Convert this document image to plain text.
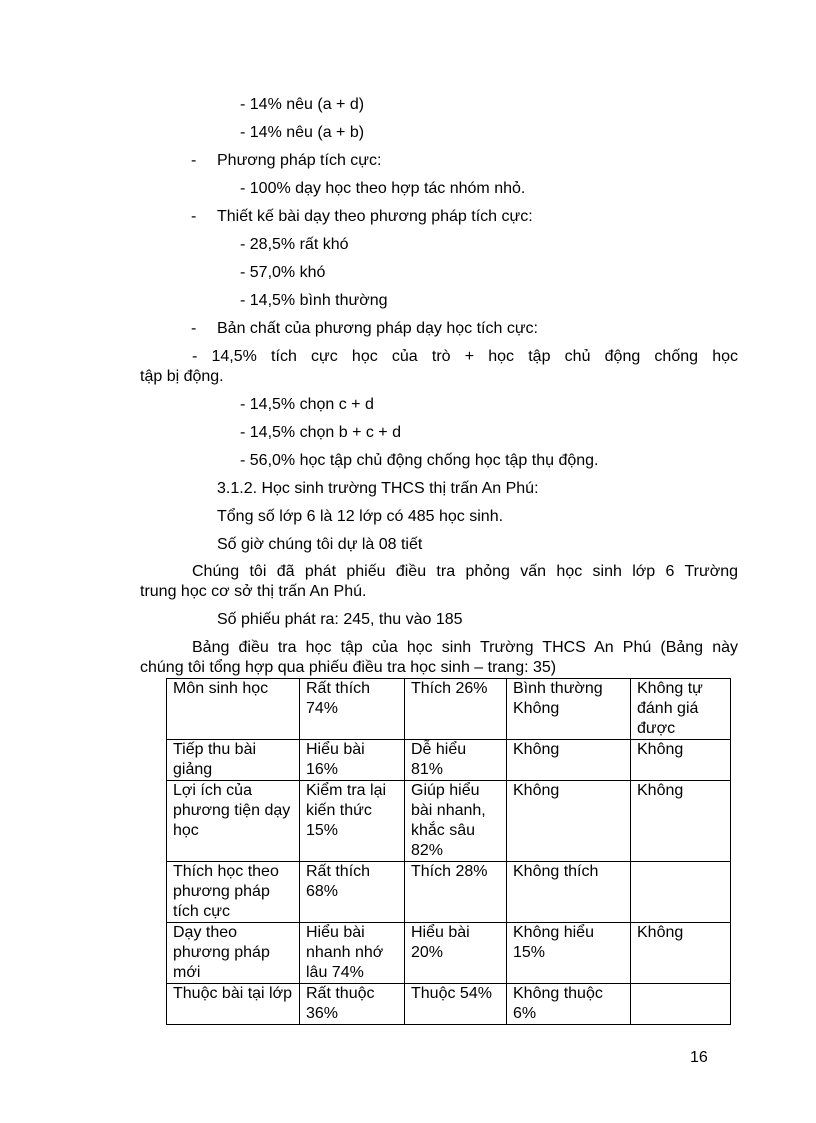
- 14% nêu (a + d)
- 14% nêu (a + b)
- Phương pháp tích cực:
- 100% dạy học theo hợp tác nhóm nhỏ.
- Thiết kế bài dạy theo phương pháp tích cực:
- 28,5% rất khó
- 57,0% khó
- 14,5% bình thường
- Bản chất của phương pháp dạy học tích cực:
- 14,5% tích cực học của trò + học tập chủ động chống học
tập bị động.
- 14,5% chọn c + d
- 14,5% chọn b + c + d
- 56,0% học tập chủ động chống học tập thụ động.
3.1.2. Học sinh trường THCS thị trấn An Phú:
Tổng số lớp 6 là 12 lớp có 485 học sinh.
Số giờ chúng tôi dự là 08 tiết
Chúng tôi đã phát phiếu điều tra phỏng vấn học sinh lớp 6 Trường
trung học cơ sở thị trấn An Phú.
Số phiếu phát ra: 245, thu vào 185
Bảng điều tra học tập của học sinh Trường THCS An Phú (Bảng này
chúng tôi tổng hợp qua phiếu điều tra học sinh – trang: 35)
Môn sinh học	Rất thích 74%	Thích 26%	Bình thường Không	Không tự đánh giá được
Tiếp thu bài giảng	Hiểu bài 16%	Dễ hiểu 81%	Không	Không
Lợi ích của phương tiện dạy học	Kiểm tra lại kiến thức 15%	Giúp hiểu bài nhanh, khắc sâu 82%	Không	Không
Thích học theo phương pháp tích cực	Rất thích 68%	Thích 28%	Không thích	
Dạy theo phương pháp mới	Hiểu bài nhanh nhớ lâu 74%	Hiểu bài 20%	Không hiểu 15%	Không
Thuộc bài tại lớp	Rất thuộc 36%	Thuộc 54%	Không thuộc 6%	
16
